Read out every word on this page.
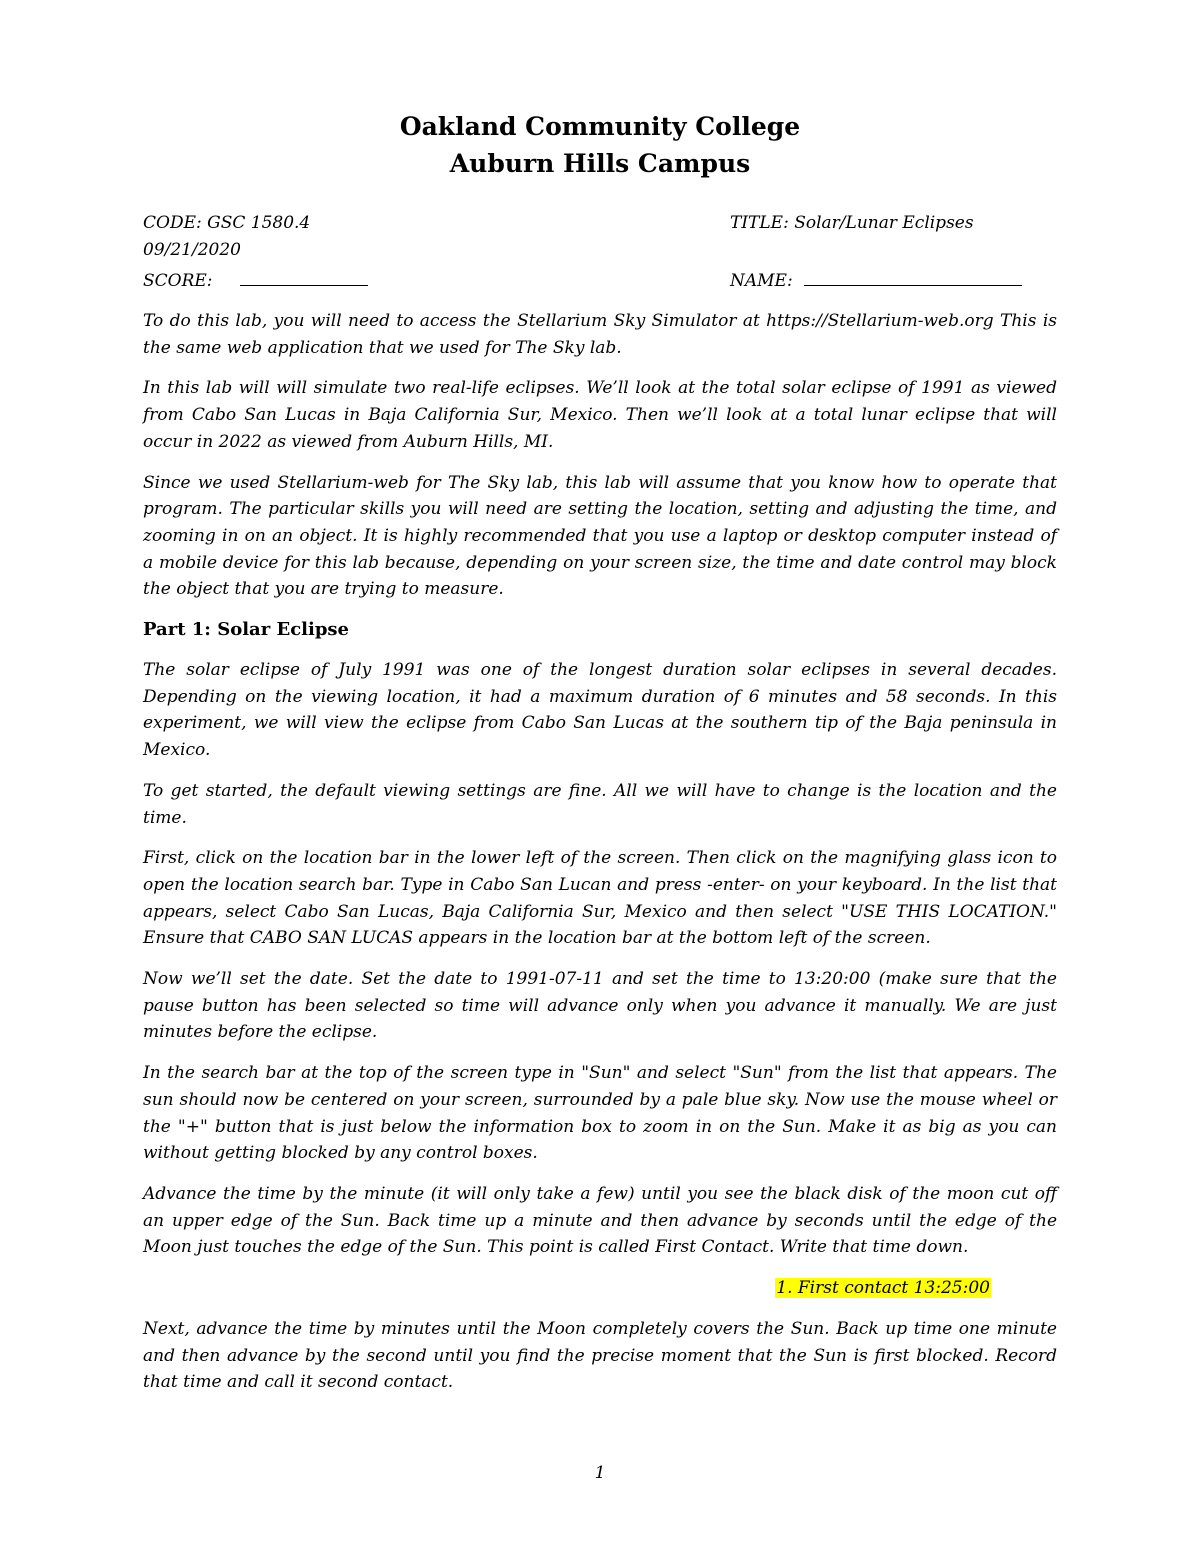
Oakland Community College
Auburn Hills Campus
CODE: GSC 1580.4	TITLE: Solar/Lunar Eclipses
09/21/2020
SCORE:	NAME:

To do this lab, you will need to access the Stellarium Sky Simulator at https://Stellarium-web.org This is the same web application that we used for The Sky lab.

In this lab will will simulate two real-life eclipses. We’ll look at the total solar eclipse of 1991 as viewed from Cabo San Lucas in Baja California Sur, Mexico. Then we’ll look at a total lunar eclipse that will occur in 2022 as viewed from Auburn Hills, MI.

Since we used Stellarium-web for The Sky lab, this lab will assume that you know how to operate that program. The particular skills you will need are setting the location, setting and adjusting the time, and zooming in on an object. It is highly recommended that you use a laptop or desktop computer instead of a mobile device for this lab because, depending on your screen size, the time and date control may block the object that you are trying to measure.

Part 1: Solar Eclipse

The solar eclipse of July 1991 was one of the longest duration solar eclipses in several decades. Depending on the viewing location, it had a maximum duration of 6 minutes and 58 seconds. In this experiment, we will view the eclipse from Cabo San Lucas at the southern tip of the Baja peninsula in Mexico.

To get started, the default viewing settings are fine. All we will have to change is the location and the time.

First, click on the location bar in the lower left of the screen. Then click on the magnifying glass icon to open the location search bar. Type in Cabo San Lucan and press -enter- on your keyboard. In the list that appears, select Cabo San Lucas, Baja California Sur, Mexico and then select "USE THIS LOCATION." Ensure that CABO SAN LUCAS appears in the location bar at the bottom left of the screen.

Now we’ll set the date. Set the date to 1991-07-11 and set the time to 13:20:00 (make sure that the pause button has been selected so time will advance only when you advance it manually. We are just minutes before the eclipse.

In the search bar at the top of the screen type in "Sun" and select "Sun" from the list that appears. The sun should now be centered on your screen, surrounded by a pale blue sky. Now use the mouse wheel or the "+" button that is just below the information box to zoom in on the Sun. Make it as big as you can without getting blocked by any control boxes.

Advance the time by the minute (it will only take a few) until you see the black disk of the moon cut off an upper edge of the Sun. Back time up a minute and then advance by seconds until the edge of the Moon just touches the edge of the Sun. This point is called First Contact. Write that time down.

1. First contact 13:25:00

Next, advance the time by minutes until the Moon completely covers the Sun. Back up time one minute and then advance by the second until you find the precise moment that the Sun is first blocked. Record that time and call it second contact.

1
